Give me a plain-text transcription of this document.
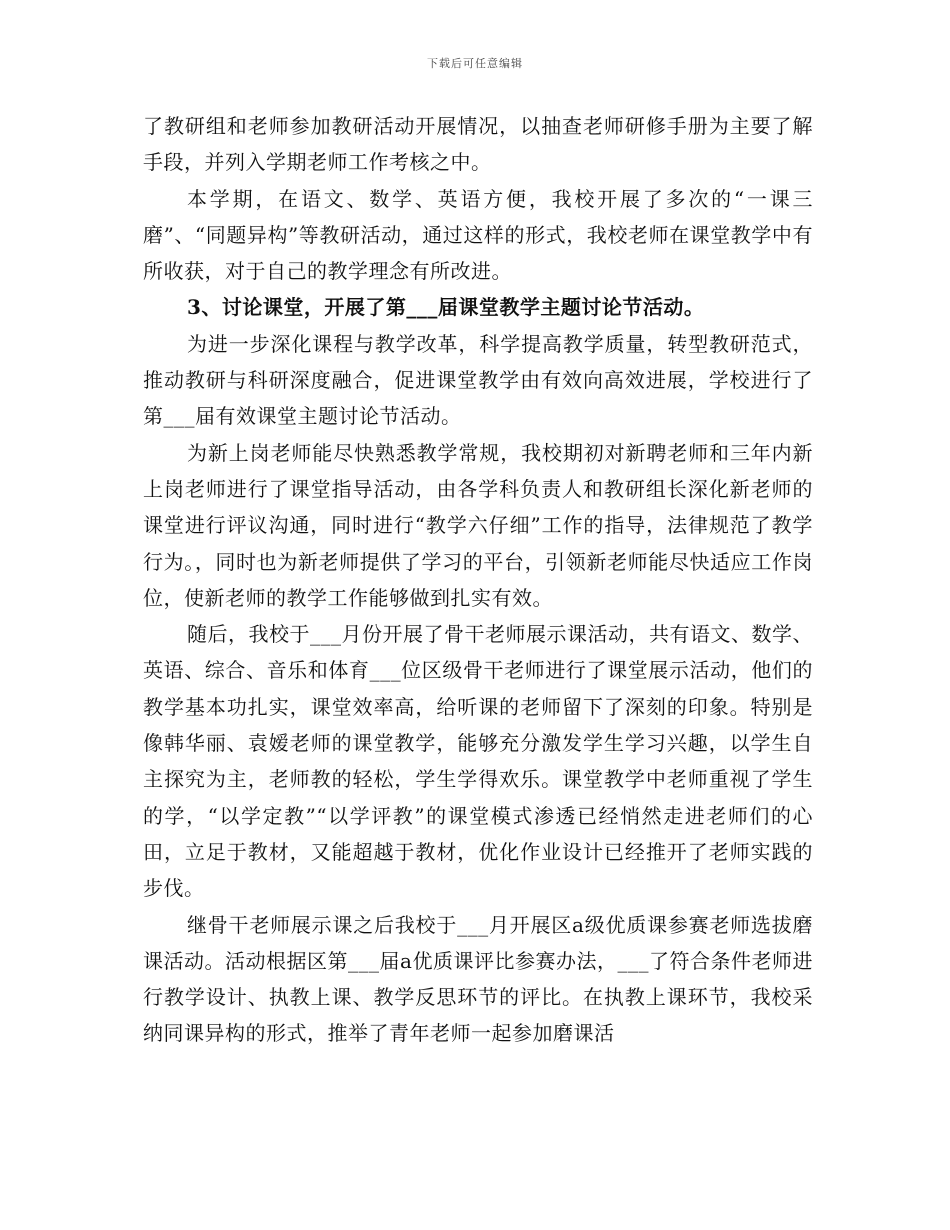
下载后可任意编辑

了教研组和老师参加教研活动开展情况，以抽查老师研修手册为主要了解手段，并列入学期老师工作考核之中。

本学期，在语文、数学、英语方便，我校开展了多次的“一课三磨”、“同题异构”等教研活动，通过这样的形式，我校老师在课堂教学中有所收获，对于自己的教学理念有所改进。

3、讨论课堂，开展了第___届课堂教学主题讨论节活动。

为进一步深化课程与教学改革，科学提高教学质量，转型教研范式，推动教研与科研深度融合，促进课堂教学由有效向高效进展，学校进行了第___届有效课堂主题讨论节活动。

为新上岗老师能尽快熟悉教学常规，我校期初对新聘老师和三年内新上岗老师进行了课堂指导活动，由各学科负责人和教研组长深化新老师的课堂进行评议沟通，同时进行“教学六仔细”工作的指导，法律规范了教学行为。，同时也为新老师提供了学习的平台，引领新老师能尽快适应工作岗位，使新老师的教学工作能够做到扎实有效。

随后，我校于___月份开展了骨干老师展示课活动，共有语文、数学、英语、综合、音乐和体育___位区级骨干老师进行了课堂展示活动，他们的教学基本功扎实，课堂效率高，给听课的老师留下了深刻的印象。特别是像韩华丽、袁嫒老师的课堂教学，能够充分激发学生学习兴趣，以学生自主探究为主，老师教的轻松，学生学得欢乐。课堂教学中老师重视了学生的学，“以学定教”“以学评教”的课堂模式渗透已经悄然走进老师们的心田，立足于教材，又能超越于教材，优化作业设计已经推开了老师实践的步伐。

继骨干老师展示课之后我校于___月开展区a级优质课参赛老师选拔磨课活动。活动根据区第___届a优质课评比参赛办法，___了符合条件老师进行教学设计、执教上课、教学反思环节的评比。在执教上课环节，我校采纳同课异构的形式，推举了青年老师一起参加磨课活
